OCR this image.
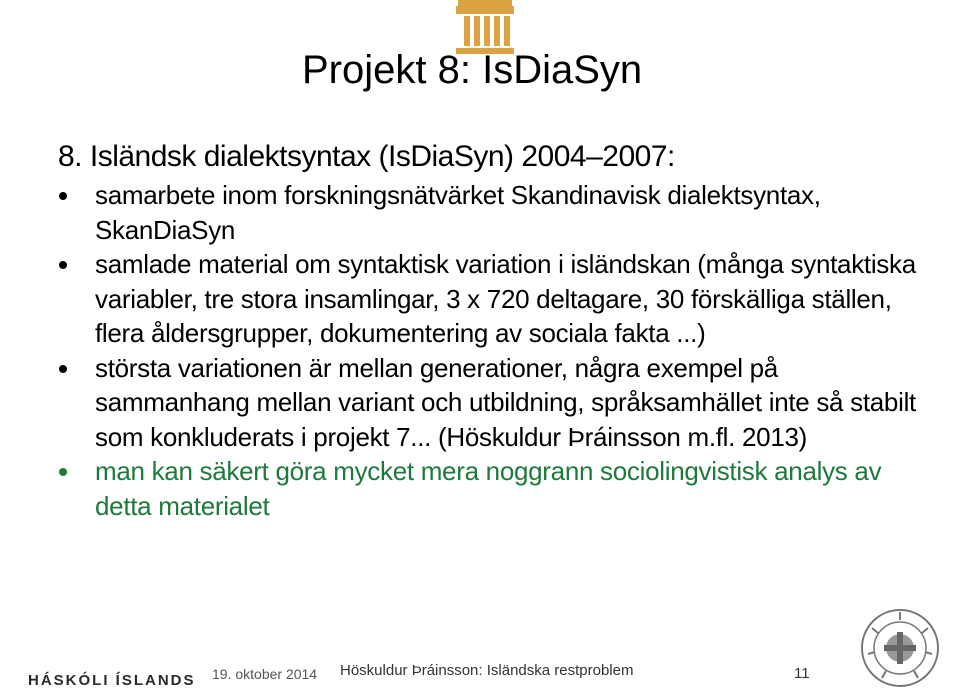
Projekt 8: IsDiaSyn
8. Isländsk dialektsyntax (IsDiaSyn) 2004–2007:
samarbete inom forskningsnätvärket Skandinavisk dialektsyntax, SkanDiaSyn
samlade material om syntaktisk variation i isländskan (många syntaktiska variabler, tre stora insamlingar, 3 x 720 deltagare, 30 förskälliga ställen, flera åldersgrupper, dokumentering av sociala fakta ...)
största variationen är mellan generationer, några exempel på sammanhang mellan variant och utbildning, språksamhället inte så stabilt som konkluderats i projekt 7... (Höskuldur Þráinsson m.fl. 2013)
man kan säkert göra mycket mera noggrann sociolingvistisk analys av detta materialet
HÁSKÓLI ÍSLANDS 19. oktober 2014 Höskuldur Þráinsson: Isländska restproblem	11
